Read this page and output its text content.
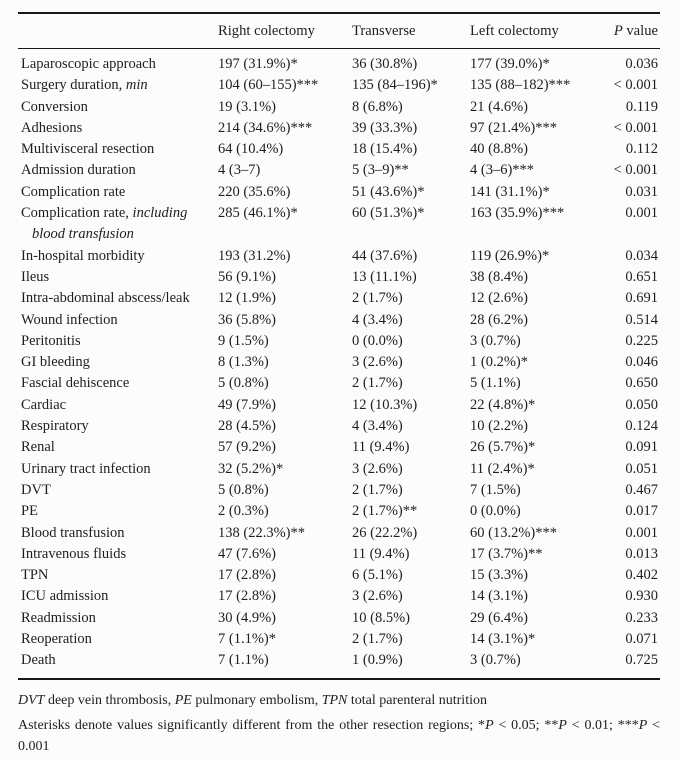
	Right colectomy	Transverse	Left colectomy	P value

Laparoscopic approach	197 (31.9%)*	36 (30.8%)	177 (39.0%)*	0.036

Surgery duration, min	104 (60–155)***	135 (84–196)*	135 (88–182)***	< 0.001

Conversion	19 (3.1%)	8 (6.8%)	21 (4.6%)	0.119

Adhesions	214 (34.6%)***	39 (33.3%)	97 (21.4%)***	< 0.001

Multivisceral resection	64 (10.4%)	18 (15.4%)	40 (8.8%)	0.112

Admission duration	4 (3–7)	5 (3–9)**	4 (3–6)***	< 0.001

Complication rate	220 (35.6%)	51 (43.6%)*	141 (31.1%)*	0.031

Complication rate, including
blood transfusion	285 (46.1%)*	60 (51.3%)*	163 (35.9%)***	0.001

In-hospital morbidity	193 (31.2%)	44 (37.6%)	119 (26.9%)*	0.034

Ileus	56 (9.1%)	13 (11.1%)	38 (8.4%)	0.651

Intra-abdominal abscess/leak	12 (1.9%)	2 (1.7%)	12 (2.6%)	0.691

Wound infection	36 (5.8%)	4 (3.4%)	28 (6.2%)	0.514

Peritonitis	9 (1.5%)	0 (0.0%)	3 (0.7%)	0.225

GI bleeding	8 (1.3%)	3 (2.6%)	1 (0.2%)*	0.046

Fascial dehiscence	5 (0.8%)	2 (1.7%)	5 (1.1%)	0.650

Cardiac	49 (7.9%)	12 (10.3%)	22 (4.8%)*	0.050

Respiratory	28 (4.5%)	4 (3.4%)	10 (2.2%)	0.124

Renal	57 (9.2%)	11 (9.4%)	26 (5.7%)*	0.091

Urinary tract infection	32 (5.2%)*	3 (2.6%)	11 (2.4%)*	0.051

DVT	5 (0.8%)	2 (1.7%)	7 (1.5%)	0.467

PE	2 (0.3%)	2 (1.7%)**	0 (0.0%)	0.017

Blood transfusion	138 (22.3%)**	26 (22.2%)	60 (13.2%)***	0.001

Intravenous fluids	47 (7.6%)	11 (9.4%)	17 (3.7%)**	0.013

TPN	17 (2.8%)	6 (5.1%)	15 (3.3%)	0.402

ICU admission	17 (2.8%)	3 (2.6%)	14 (3.1%)	0.930

Readmission	30 (4.9%)	10 (8.5%)	29 (6.4%)	0.233

Reoperation	7 (1.1%)*	2 (1.7%)	14 (3.1%)*	0.071

Death	7 (1.1%)	1 (0.9%)	3 (0.7%)	0.725
DVT deep vein thrombosis, PE pulmonary embolism, TPN total parenteral nutrition
Asterisks denote values significantly different from the other resection regions; *P < 0.05; **P < 0.01; ***P < 0.001
